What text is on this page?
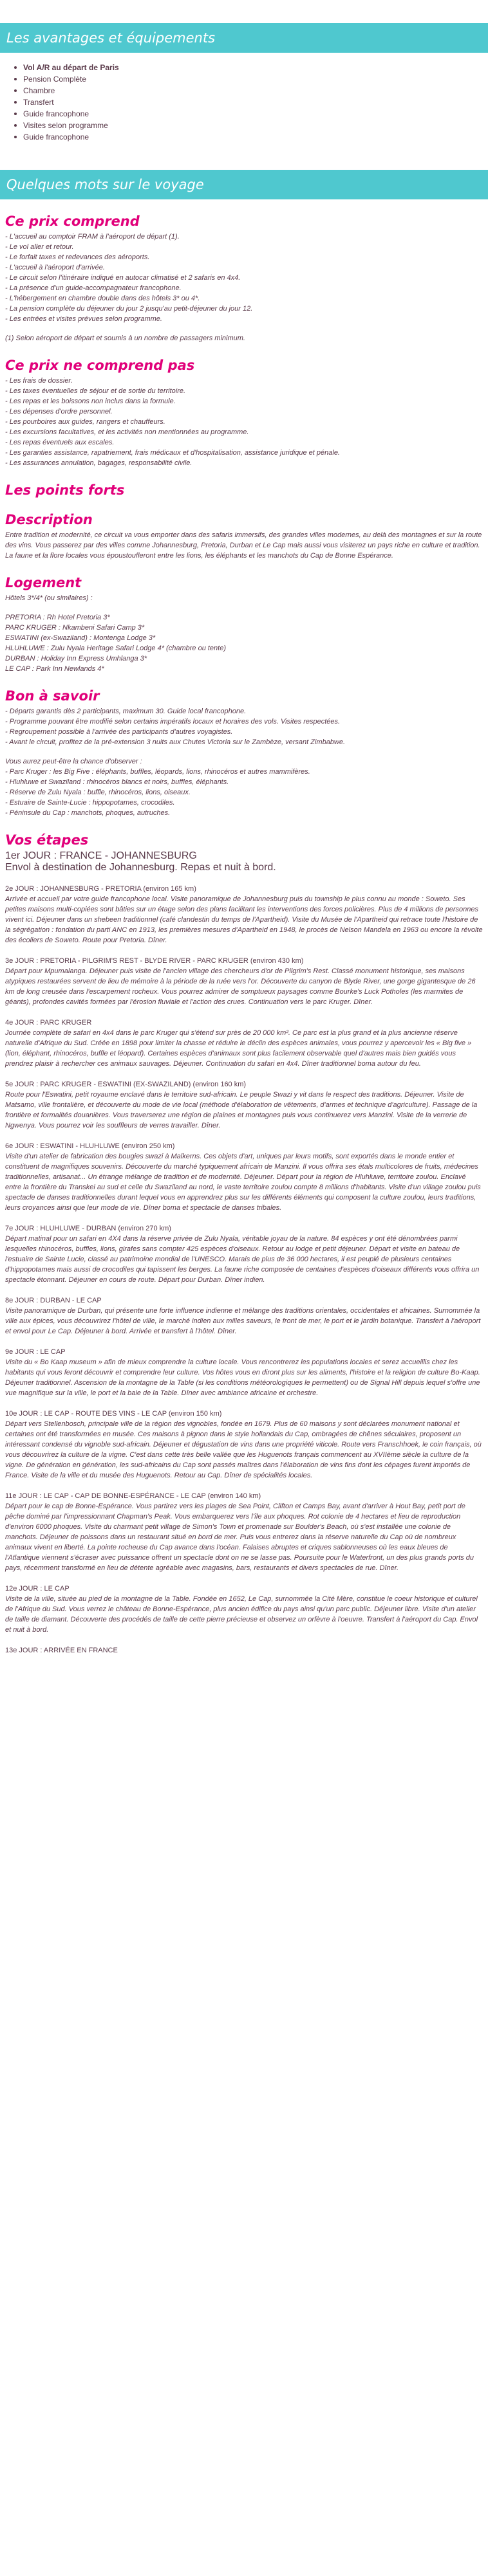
Les avantages et équipements
Vol A/R au départ de Paris
Pension Complète
Chambre
Transfert
Guide francophone
Visites selon programme
Guide francophone
Quelques mots sur le voyage
Ce prix comprend
- L'accueil au comptoir FRAM à l'aéroport de départ (1).
- Le vol aller et retour.
- Le forfait taxes et redevances des aéroports.
- L'accueil à l'aéroport d'arrivée.
- Le circuit selon l'itinéraire indiqué en autocar climatisé et 2 safaris en 4x4.
- La présence d'un guide-accompagnateur francophone.
- L'hébergement en chambre double dans des hôtels 3* ou 4*.
- La pension complète du déjeuner du jour 2 jusqu'au petit-déjeuner du jour 12.
- Les entrées et visites prévues selon programme.
(1) Selon aéroport de départ et soumis à un nombre de passagers minimum.
Ce prix ne comprend pas
- Les frais de dossier.
- Les taxes éventuelles de séjour et de sortie du territoire.
- Les repas et les boissons non inclus dans la formule.
- Les dépenses d'ordre personnel.
- Les pourboires aux guides, rangers et chauffeurs.
- Les excursions facultatives, et les activités non mentionnées au programme.
- Les repas éventuels aux escales.
- Les garanties assistance, rapatriement, frais médicaux et d'hospitalisation, assistance juridique et pénale.
- Les assurances annulation, bagages, responsabilité civile.
Les points forts
Description

Entre tradition et modernité, ce circuit va vous emporter dans des safaris immersifs, des grandes villes modernes, au delà des montagnes et sur la route des vins. Vous passerez par des villes comme Johannesburg, Pretoria, Durban et Le Cap mais aussi vous visiterez un pays riche en culture et tradition. La faune et la flore locales vous époustoufleront entre les lions, les éléphants et les manchots du Cap de Bonne Espérance.

Logement
Hôtels 3*/4* (ou similaires) :
PRETORIA : Rh Hotel Pretoria 3*
PARC KRUGER : Nkambeni Safari Camp 3*
ESWATINI (ex-Swaziland) : Montenga Lodge 3*
HLUHLUWE : Zulu Nyala Heritage Safari Lodge 4* (chambre ou tente)
DURBAN : Holiday Inn Express Umhlanga 3*
LE CAP : Park Inn Newlands 4*
Bon à savoir
- Départs garantis dès 2 participants, maximum 30. Guide local francophone.
- Programme pouvant être modifié selon certains impératifs locaux et horaires des vols. Visites respectées.
- Regroupement possible à l'arrivée des participants d'autres voyagistes.
- Avant le circuit, profitez de la pré-extension 3 nuits aux Chutes Victoria sur le Zambèze, versant Zimbabwe.
Vous aurez peut-être la chance d'observer :
- Parc Kruger : les Big Five : éléphants, buffles, léopards, lions, rhinocéros et autres mammifères.
- Hluhluwe et Swaziland : rhinocéros blancs et noirs, buffles, éléphants.
- Réserve de Zulu Nyala : buffle, rhinocéros, lions, oiseaux.
- Estuaire de Sainte-Lucie : hippopotames, crocodiles.
- Péninsule du Cap : manchots, phoques, autruches.
Vos étapes
1er JOUR : FRANCE - JOHANNESBURG
Envol à destination de Johannesburg. Repas et nuit à bord.
2e JOUR : JOHANNESBURG - PRETORIA (environ 165 km)
Arrivée et accueil par votre guide francophone local. Visite panoramique de Johannesburg puis du township le plus connu au monde : Soweto. Ses petites maisons multi-copiées sont bâties sur un étage selon des plans facilitant les interventions des forces policières. Plus de 4 millions de personnes vivent ici. Déjeuner dans un shebeen traditionnel (café clandestin du temps de l'Apartheid). Visite du Musée de l'Apartheid qui retrace toute l'histoire de la ségrégation : fondation du parti ANC en 1913, les premières mesures d'Apartheid en 1948, le procès de Nelson Mandela en 1963 ou encore la révolte des écoliers de Soweto. Route pour Pretoria. Dîner.
3e JOUR : PRETORIA - PILGRIM'S REST - BLYDE RIVER - PARC KRUGER (environ 430 km)
Départ pour Mpumalanga. Déjeuner puis visite de l'ancien village des chercheurs d'or de Pilgrim's Rest. Classé monument historique, ses maisons atypiques restaurées servent de lieu de mémoire à la période de la ruée vers l'or. Découverte du canyon de Blyde River, une gorge gigantesque de 26 km de long creusée dans l'escarpement rocheux. Vous pourrez admirer de somptueux paysages comme Bourke's Luck Potholes (les marmites de géants), profondes cavités formées par l'érosion fluviale et l'action des crues. Continuation vers le parc Kruger. Dîner.
4e JOUR : PARC KRUGER
Journée complète de safari en 4x4 dans le parc Kruger qui s'étend sur près de 20 000 km². Ce parc est la plus grand et la plus ancienne réserve naturelle d'Afrique du Sud. Créée en 1898 pour limiter la chasse et réduire le déclin des espèces animales, vous pourrez y apercevoir les « Big five » (lion, éléphant, rhinocéros, buffle et léopard). Certaines espèces d'animaux sont plus facilement observable quel d'autres mais bien guidés vous prendrez plaisir à rechercher ces animaux sauvages. Déjeuner. Continuation du safari en 4x4. Dîner traditionnel boma autour du feu.
5e JOUR : PARC KRUGER - ESWATINI (EX-SWAZILAND) (environ 160 km)
Route pour l'Eswatini, petit royaume enclavé dans le territoire sud-africain. Le peuple Swazi y vit dans le respect des traditions. Déjeuner. Visite de Matsamo, ville frontalière, et découverte du mode de vie local (méthode d'élaboration de vêtements, d'armes et technique d'agriculture). Passage de la frontière et formalités douanières. Vous traverserez une région de plaines et montagnes puis vous continuerez vers Manzini. Visite de la verrerie de Ngwenya. Vous pourrez voir les souffleurs de verres travailler. Dîner.
6e JOUR : ESWATINI - HLUHLUWE (environ 250 km)
Visite d'un atelier de fabrication des bougies swazi à Malkerns. Ces objets d'art, uniques par leurs motifs, sont exportés dans le monde entier et constituent de magnifiques souvenirs. Découverte du marché typiquement africain de Manzini. Il vous offrira ses étals multicolores de fruits, médecines traditionnelles, artisanat... Un étrange mélange de tradition et de modernité. Déjeuner. Départ pour la région de Hluhluwe, territoire zoulou. Enclavé entre la frontière du Transkei au sud et celle du Swaziland au nord, le vaste territoire zoulou compte 8 millions d'habitants. Visite d'un village zoulou puis spectacle de danses traditionnelles durant lequel vous en apprendrez plus sur les différents éléments qui composent la culture zoulou, leurs traditions, leurs croyances ainsi que leur mode de vie. Dîner boma et spectacle de danses tribales.
7e JOUR : HLUHLUWE - DURBAN (environ 270 km)
Départ matinal pour un safari en 4X4 dans la réserve privée de Zulu Nyala, véritable joyau de la nature. 84 espèces y ont été dénombrées parmi lesquelles rhinocéros, buffles, lions, girafes sans compter 425 espèces d'oiseaux. Retour au lodge et petit déjeuner. Départ et visite en bateau de l'estuaire de Sainte Lucie, classé au patrimoine mondial de l'UNESCO. Marais de plus de 36 000 hectares, il est peuplé de plusieurs centaines d'hippopotames mais aussi de crocodiles qui tapissent les berges. La faune riche composée de centaines d'espèces d'oiseaux différents vous offrira un spectacle étonnant. Déjeuner en cours de route. Départ pour Durban. Dîner indien.
8e JOUR : DURBAN - LE CAP
Visite panoramique de Durban, qui présente une forte influence indienne et mélange des traditions orientales, occidentales et africaines. Surnommée la ville aux épices, vous découvrirez l'hôtel de ville, le marché indien aux milles saveurs, le front de mer, le port et le jardin botanique. Transfert à l'aéroport et envol pour Le Cap. Déjeuner à bord. Arrivée et transfert à l'hôtel. Dîner.
9e JOUR : LE CAP
Visite du « Bo Kaap museum » afin de mieux comprendre la culture locale. Vous rencontrerez les populations locales et serez accueillis chez les habitants qui vous feront découvrir et comprendre leur culture. Vos hôtes vous en diront plus sur les aliments, l'histoire et la religion de culture Bo-Kaap. Déjeuner traditionnel. Ascension de la montagne de la Table (si les conditions météorologiques le permettent) ou de Signal Hill depuis lequel s'offre une vue magnifique sur la ville, le port et la baie de la Table. Dîner avec ambiance africaine et orchestre.
10e JOUR : LE CAP - ROUTE DES VINS - LE CAP (environ 150 km)
Départ vers Stellenbosch, principale ville de la région des vignobles, fondée en 1679. Plus de 60 maisons y sont déclarées monument national et certaines ont été transformées en musée. Ces maisons à pignon dans le style hollandais du Cap, ombragées de chênes séculaires, proposent un intéressant condensé du vignoble sud-africain. Déjeuner et dégustation de vins dans une propriété viticole. Route vers Franschhoek, le coin français, où vous découvrirez la culture de la vigne. C'est dans cette très belle vallée que les Huguenots français commencent au XVIIème siècle la culture de la vigne. De génération en génération, les sud-africains du Cap sont passés maîtres dans l'élaboration de vins fins dont les cépages furent importés de France. Visite de la ville et du musée des Huguenots. Retour au Cap. Dîner de spécialités locales.
11e JOUR : LE CAP - CAP DE BONNE-ESPÉRANCE - LE CAP (environ 140 km)
Départ pour le cap de Bonne-Espérance. Vous partirez vers les plages de Sea Point, Clifton et Camps Bay, avant d'arriver à Hout Bay, petit port de pêche dominé par l'impressionnant Chapman's Peak. Vous embarquerez vers l'île aux phoques. Rot colonie de 4 hectares et lieu de reproduction d'environ 6000 phoques. Visite du charmant petit village de Simon's Town et promenade sur Boulder's Beach, où s'est installée une colonie de manchots. Déjeuner de poissons dans un restaurant situé en bord de mer. Puis vous entrerez dans la réserve naturelle du Cap où de nombreux animaux vivent en liberté. La pointe rocheuse du Cap avance dans l'océan. Falaises abruptes et criques sablonneuses où les eaux bleues de l'Atlantique viennent s'écraser avec puissance offrent un spectacle dont on ne se lasse pas. Poursuite pour le Waterfront, un des plus grands ports du pays, récemment transformé en lieu de détente agréable avec magasins, bars, restaurants et divers spectacles de rue. Dîner.
12e JOUR : LE CAP
Visite de la ville, située au pied de la montagne de la Table. Fondée en 1652, Le Cap, surnommée la Cité Mère, constitue le coeur historique et culturel de l'Afrique du Sud. Vous verrez le château de Bonne-Espérance, plus ancien édifice du pays ainsi qu'un parc public. Déjeuner libre. Visite d'un atelier de taille de diamant. Découverte des procédés de taille de cette pierre précieuse et observez un orfèvre à l'oeuvre. Transfert à l'aéroport du Cap. Envol et nuit à bord.
13e JOUR : ARRIVÉE EN FRANCE
